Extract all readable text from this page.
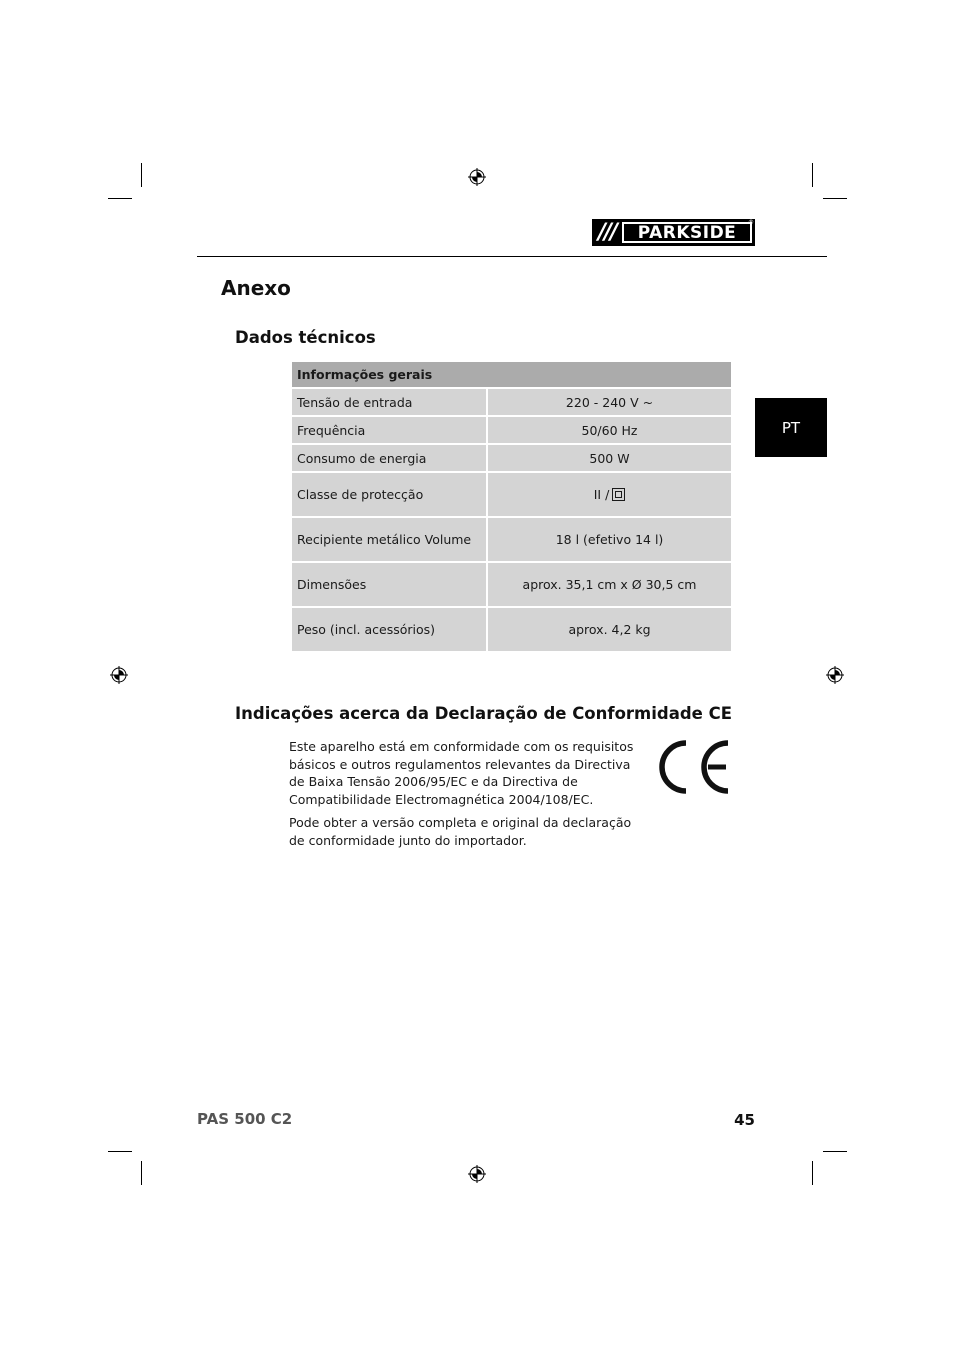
///	PARKSIDE	®
PT
Anexo
Dados técnicos
Informações gerais	
Tensão de entrada	220 - 240 V ~
Frequência	50/60 Hz
Consumo de energia	500 W
Classe de protecção	II /
Recipiente metálico Volume	18 l (efetivo 14 l)
Dimensões	aprox. 35,1 cm x Ø 30,5 cm
Peso (incl. acessórios)	aprox. 4,2 kg
Indicações acerca da Declaração de Conformidade CE

Este aparelho está em conformidade com os requisitos básicos e outros regulamentos relevantes da Directiva de Baixa Tensão 2006/95/EC e da Directiva de Compatibilidade Electromagnética 2004/108/EC.

Pode obter a versão completa e original da declaração de conformidade junto do importador.

PAS 500 C2	45
